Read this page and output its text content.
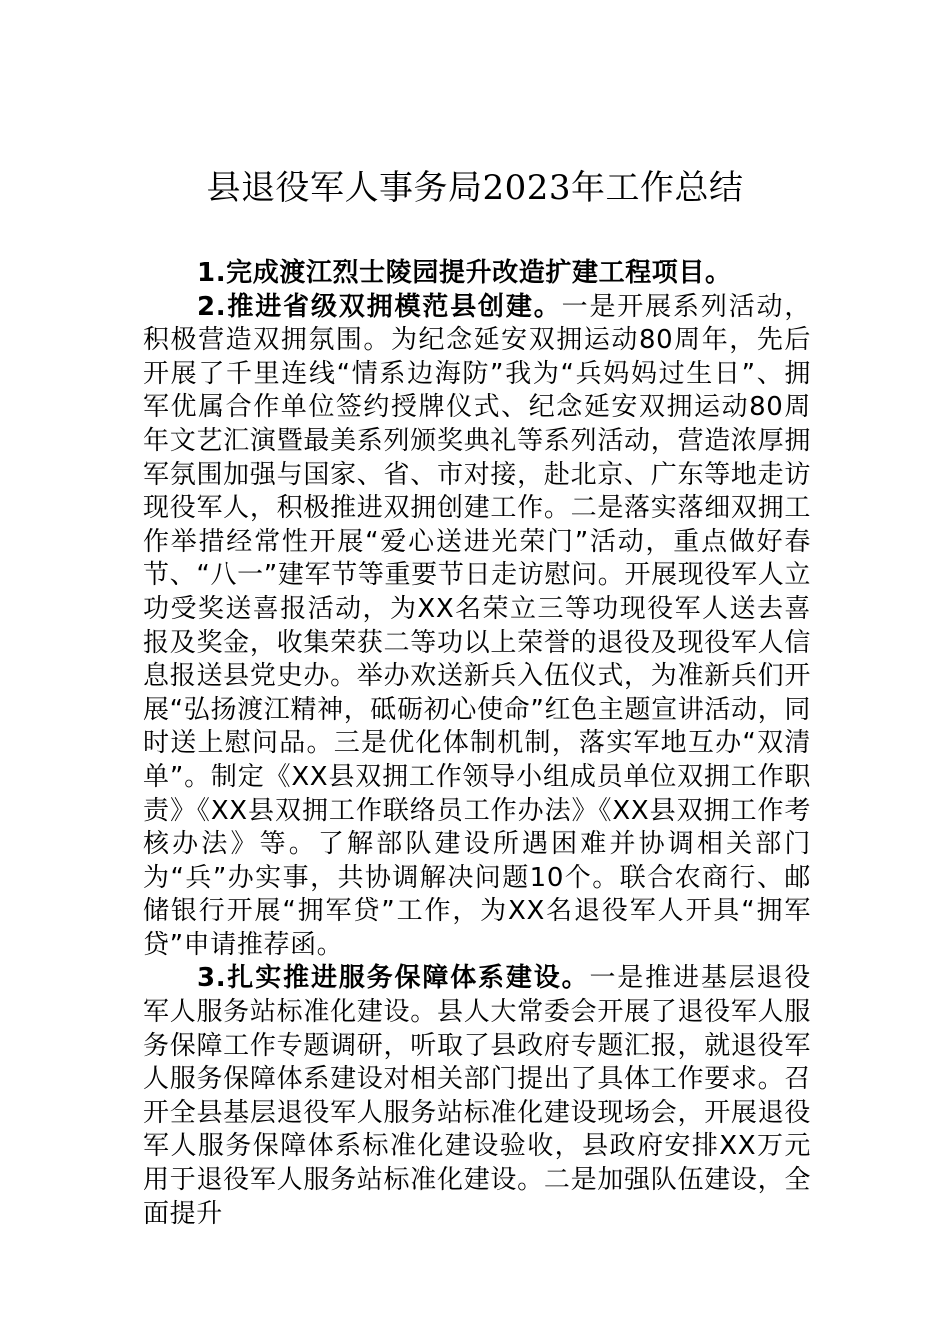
县退役军人事务局2023年工作总结

1.完成渡江烈士陵园提升改造扩建工程项目。

2.推进省级双拥模范县创建。一是开展系列活动，积极营造双拥氛围。为纪念延安双拥运动80周年，先后开展了千里连线“情系边海防”我为“兵妈妈过生日”、拥军优属合作单位签约授牌仪式、纪念延安双拥运动80周年文艺汇演暨最美系列颁奖典礼等系列活动，营造浓厚拥军氛围加强与国家、省、市对接，赴北京、广东等地走访现役军人，积极推进双拥创建工作。二是落实落细双拥工作举措经常性开展“爱心送进光荣门”活动，重点做好春节、“八一”建军节等重要节日走访慰问。开展现役军人立功受奖送喜报活动，为XX名荣立三等功现役军人送去喜报及奖金，收集荣获二等功以上荣誉的退役及现役军人信息报送县党史办。举办欢送新兵入伍仪式，为准新兵们开展“弘扬渡江精神，砥砺初心使命”红色主题宣讲活动，同时送上慰问品。三是优化体制机制，落实军地互办“双清单”。制定《XX县双拥工作领导小组成员单位双拥工作职责》《XX县双拥工作联络员工作办法》《XX县双拥工作考核办法》等。了解部队建设所遇困难并协调相关部门为“兵”办实事，共协调解决问题10个。联合农商行、邮储银行开展“拥军贷”工作，为XX名退役军人开具“拥军贷”申请推荐函。

3.扎实推进服务保障体系建设。一是推进基层退役军人服务站标准化建设。县人大常委会开展了退役军人服务保障工作专题调研，听取了县政府专题汇报，就退役军人服务保障体系建设对相关部门提出了具体工作要求。召开全县基层退役军人服务站标准化建设现场会，开展退役军人服务保障体系标准化建设验收，县政府安排XX万元用于退役军人服务站标准化建设。二是加强队伍建设，全面提升
